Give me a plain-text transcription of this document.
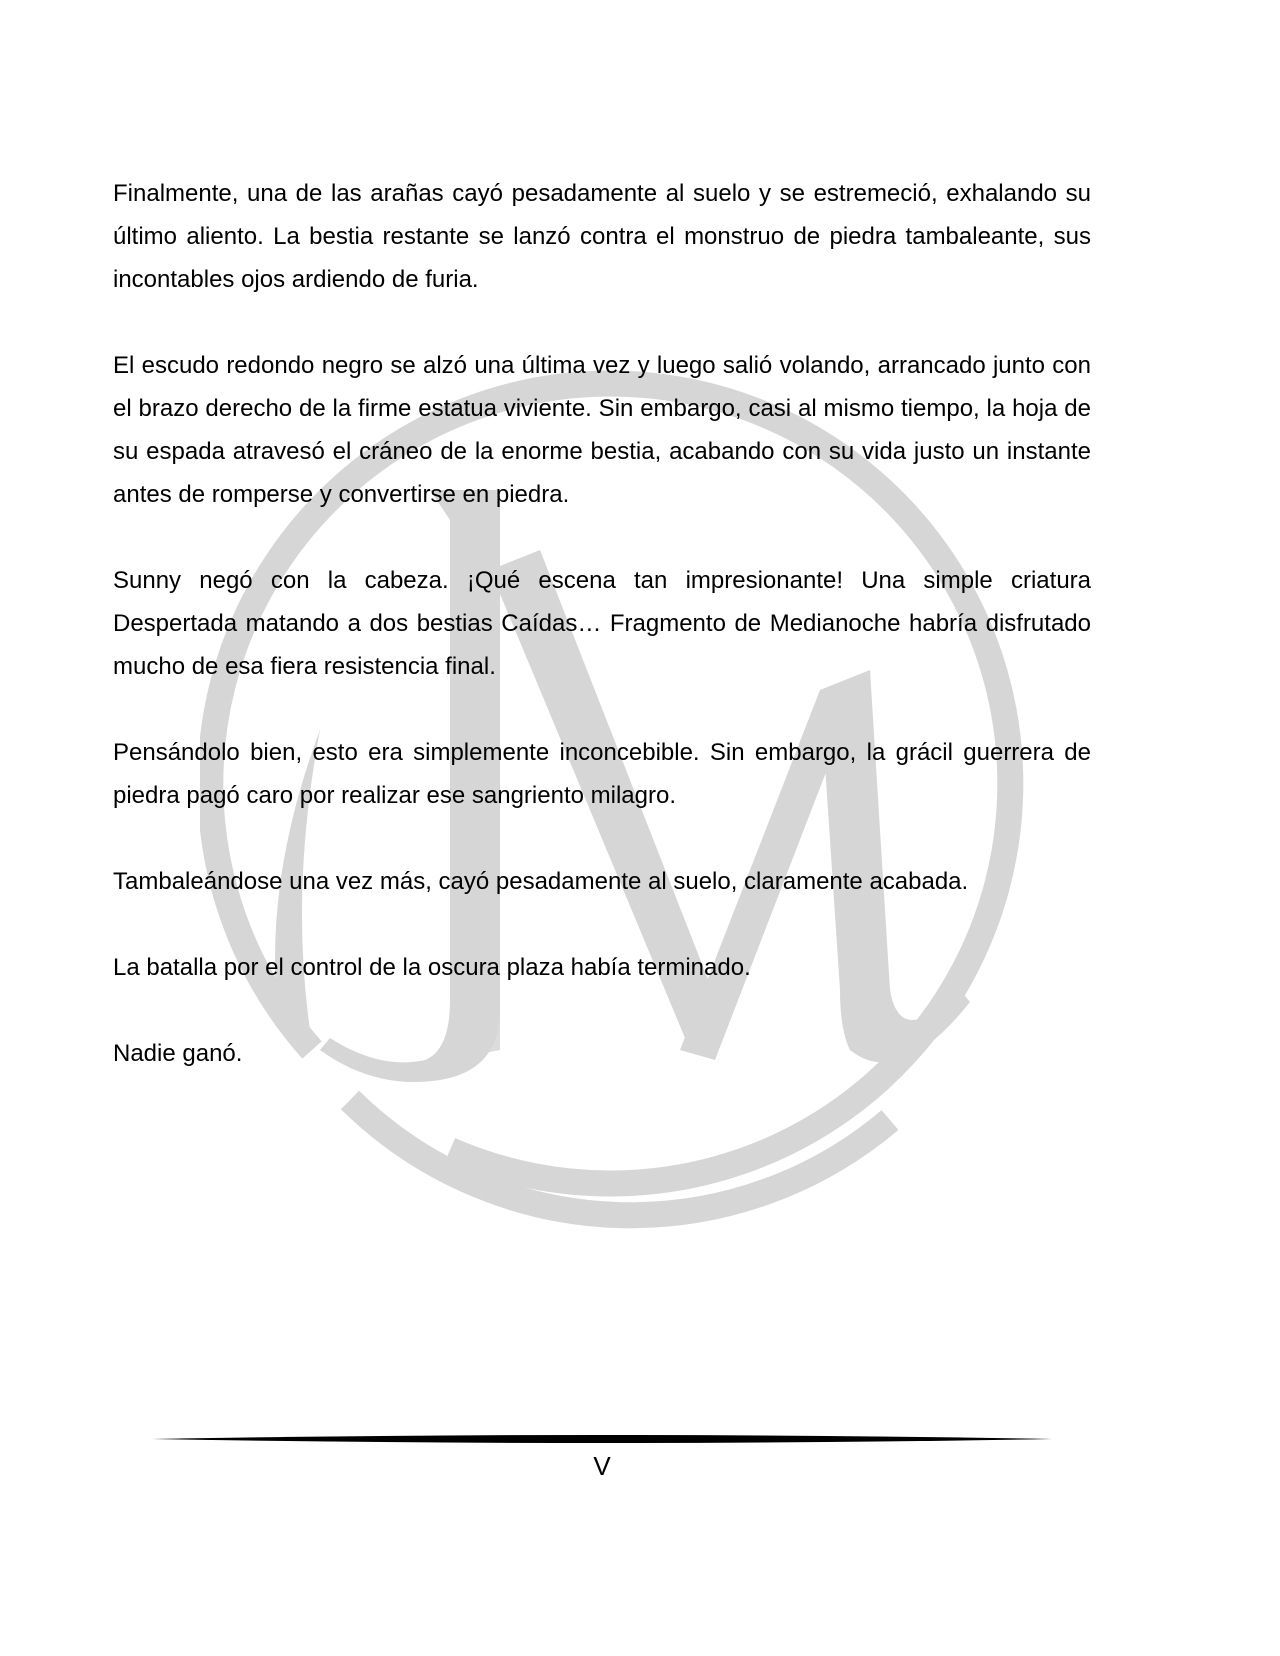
Finalmente, una de las arañas cayó pesadamente al suelo y se estremeció, exhalando su último aliento. La bestia restante se lanzó contra el monstruo de piedra tambaleante, sus incontables ojos ardiendo de furia.

El escudo redondo negro se alzó una última vez y luego salió volando, arrancado junto con el brazo derecho de la firme estatua viviente. Sin embargo, casi al mismo tiempo, la hoja de su espada atravesó el cráneo de la enorme bestia, acabando con su vida justo un instante antes de romperse y convertirse en piedra.

Sunny negó con la cabeza. ¡Qué escena tan impresionante! Una simple criatura Despertada matando a dos bestias Caídas… Fragmento de Medianoche habría disfrutado mucho de esa fiera resistencia final.

Pensándolo bien, esto era simplemente inconcebible. Sin embargo, la grácil guerrera de piedra pagó caro por realizar ese sangriento milagro.

Tambaleándose una vez más, cayó pesadamente al suelo, claramente acabada.

La batalla por el control de la oscura plaza había terminado.

Nadie ganó.

V
